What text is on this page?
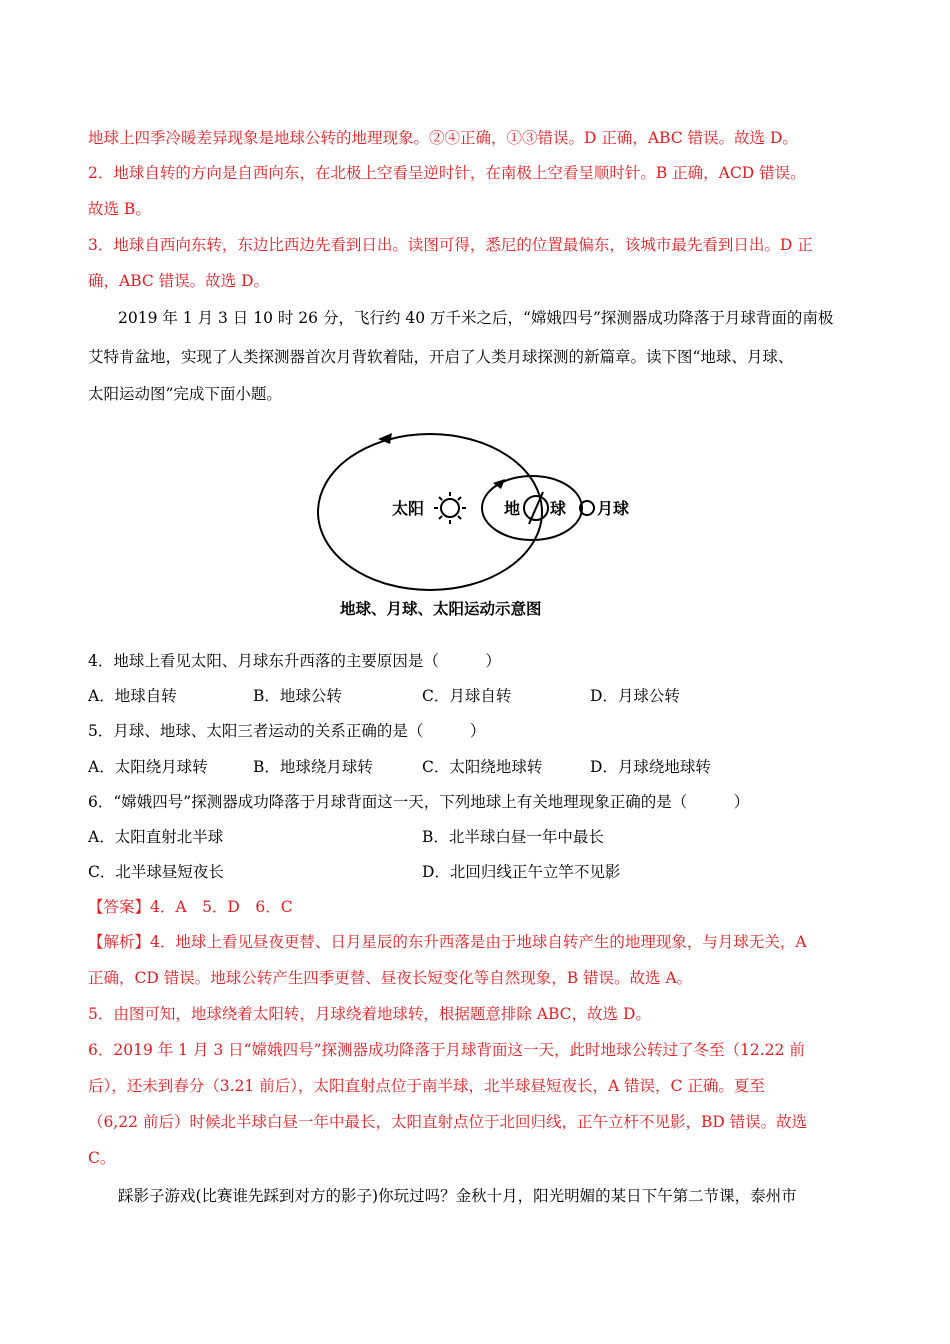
地球上四季冷暖差异现象是地球公转的地理现象。②④正确，①③错误。D 正确，ABC 错误。故选 D。
2．地球自转的方向是自西向东，在北极上空看呈逆时针，在南极上空看呈顺时针。B 正确，ACD 错误。
故选 B。
3．地球自西向东转，东边比西边先看到日出。读图可得，悉尼的位置最偏东，该城市最先看到日出。D 正
确，ABC 错误。故选 D。
2019 年 1 月 3 日 10 时 26 分，飞行约 40 万千米之后，“嫦娥四号”探测器成功降落于月球背面的南极
艾特肯盆地，实现了人类探测器首次月背软着陆，开启了人类月球探测的新篇章。读下图“地球、月球、
太阳运动图”完成下面小题。
太阳	地 球 月球
地球、月球、太阳运动示意图
4．地球上看见太阳、月球东升西落的主要原因是（　　　）
A．地球自转	B．地球公转	C．月球自转	D．月球公转
5．月球、地球、太阳三者运动的关系正确的是（　　　）
A．太阳绕月球转	B．地球绕月球转	C．太阳绕地球转	D．月球绕地球转
6．“嫦娥四号”探测器成功降落于月球背面这一天，下列地球上有关地理现象正确的是（　　　）
A．太阳直射北半球	B．北半球白昼一年中最长
C．北半球昼短夜长	D．北回归线正午立竿不见影
【答案】4．A　5．D　6．C
【解析】4．地球上看见昼夜更替、日月星辰的东升西落是由于地球自转产生的地理现象，与月球无关，A
正确，CD 错误。地球公转产生四季更替、昼夜长短变化等自然现象，B 错误。故选 A。
5．由图可知，地球绕着太阳转，月球绕着地球转，根据题意排除 ABC，故选 D。
6．2019 年 1 月 3 日“嫦娥四号”探测器成功降落于月球背面这一天，此时地球公转过了冬至（12.22 前
后），还未到春分（3.21 前后），太阳直射点位于南半球，北半球昼短夜长，A 错误，C 正确。夏至
（6,22 前后）时候北半球白昼一年中最长，太阳直射点位于北回归线，正午立杆不见影，BD 错误。故选
C。
踩影子游戏(比赛谁先踩到对方的影子)你玩过吗？金秋十月，阳光明媚的某日下午第二节课，泰州市
